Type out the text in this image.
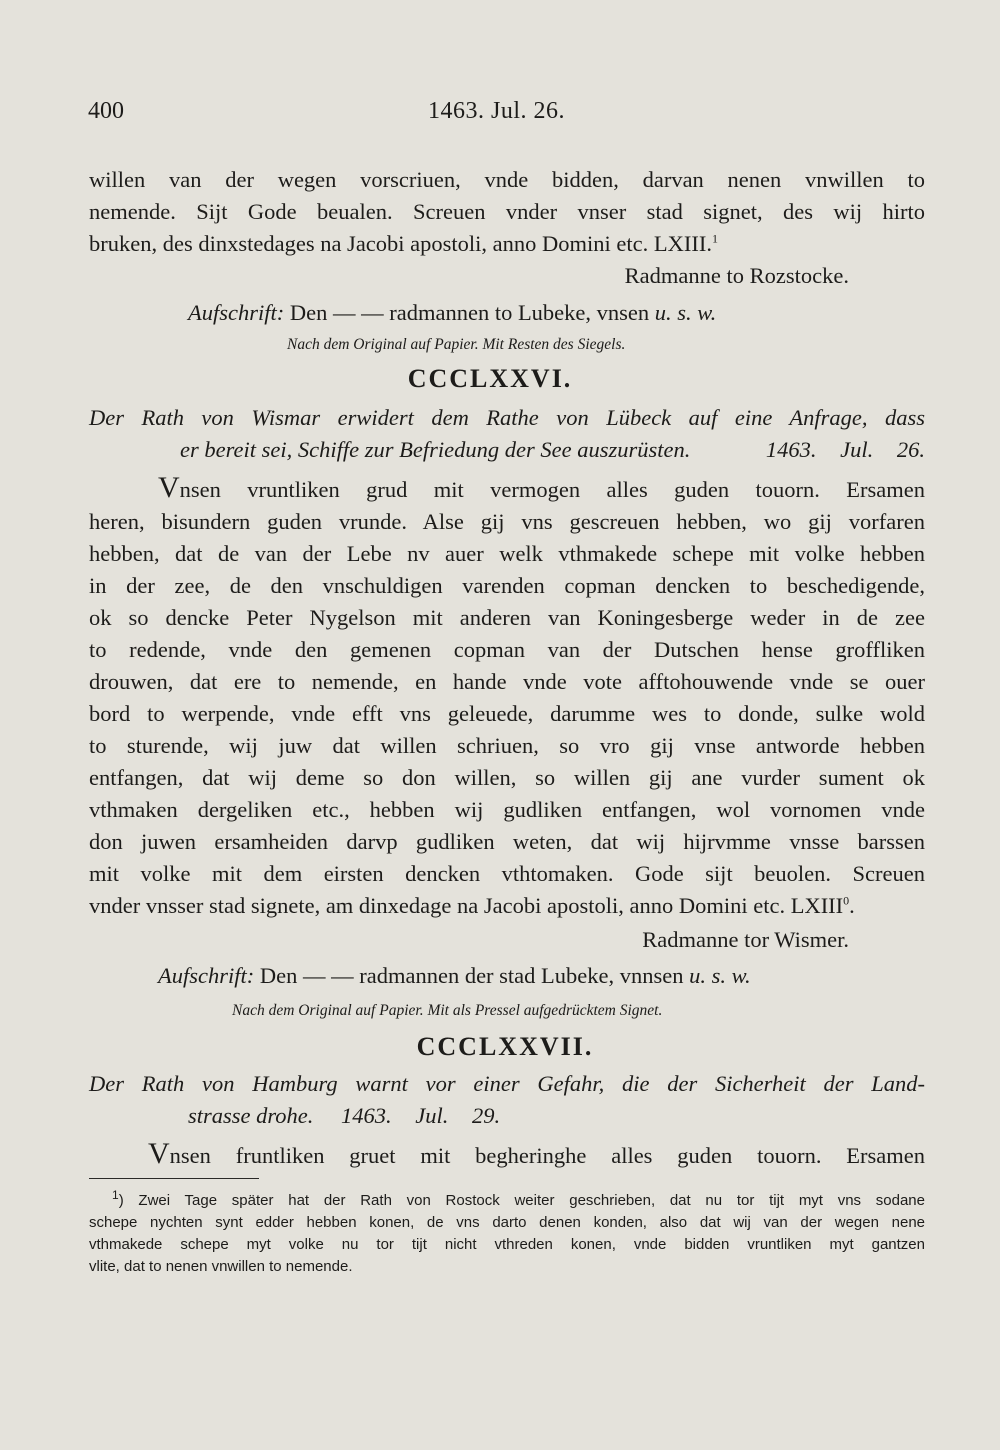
400	1463. Jul. 26.
willen van der wegen vorscriuen, vnde bidden, darvan nenen vnwillen to
nemende. Sijt Gode beualen. Screuen vnder vnser stad signet, des wij hirto
bruken, des dinxstedages na Jacobi apostoli, anno Domini etc. LXIII.$^1$
Radmanne to Rozstocke.
Aufschrift: Den — — radmannen to Lubeke, vnsen u. s. w.
Nach dem Original auf Papier. Mit Resten des Siegels.
CCCLXXVI.
Der Rath von Wismar erwidert dem Rathe von Lübeck auf eine Anfrage, dass
er bereit sei, Schiffe zur Befriedung der See auszurüsten.	1463. Jul. 26.
Vnsen vruntliken grud mit vermogen alles guden touorn. Ersamen
heren, bisundern guden vrunde. Alse gij vns gescreuen hebben, wo gij vorfaren
hebben, dat de van der Lebe nv auer welk vthmakede schepe mit volke hebben
in der zee, de den vnschuldigen varenden copman dencken to beschedigende,
ok so dencke Peter Nygelson mit anderen van Koningesberge weder in de zee
to redende, vnde den gemenen copman van der Dutschen hense groffliken
drouwen, dat ere to nemende, en hande vnde vote afftohouwende vnde se ouer
bord to werpende, vnde efft vns geleuede, darumme wes to donde, sulke wold
to sturende, wij juw dat willen schriuen, so vro gij vnse antworde hebben
entfangen, dat wij deme so don willen, so willen gij ane vurder sument ok
vthmaken dergeliken etc., hebben wij gudliken entfangen, wol vornomen vnde
don juwen ersamheiden darvp gudliken weten, dat wij hijrvmme vnsse barssen
mit volke mit dem eirsten dencken vthtomaken. Gode sijt beuolen. Screuen
vnder vnsser stad signete, am dinxedage na Jacobi apostoli, anno Domini etc. LXIII$^0$.
Radmanne tor Wismer.
Aufschrift: Den — — radmannen der stad Lubeke, vnnsen u. s. w.
Nach dem Original auf Papier. Mit als Pressel aufgedrücktem Signet.
CCCLXXVII.
Der Rath von Hamburg warnt vor einer Gefahr, die der Sicherheit der Land-
strasse drohe. 1463. Jul. 29.
Vnsen fruntliken gruet mit begheringhe alles guden touorn. Ersamen
$^1$) Zwei Tage später hat der Rath von Rostock weiter geschrieben, dat nu tor tijt myt vns sodane
schepe nychten synt edder hebben konen, de vns darto denen konden, also dat wij van der wegen nene
vthmakede schepe myt volke nu tor tijt nicht vthreden konen, vnde bidden vruntliken myt gantzen
vlite, dat to nenen vnwillen to nemende.
